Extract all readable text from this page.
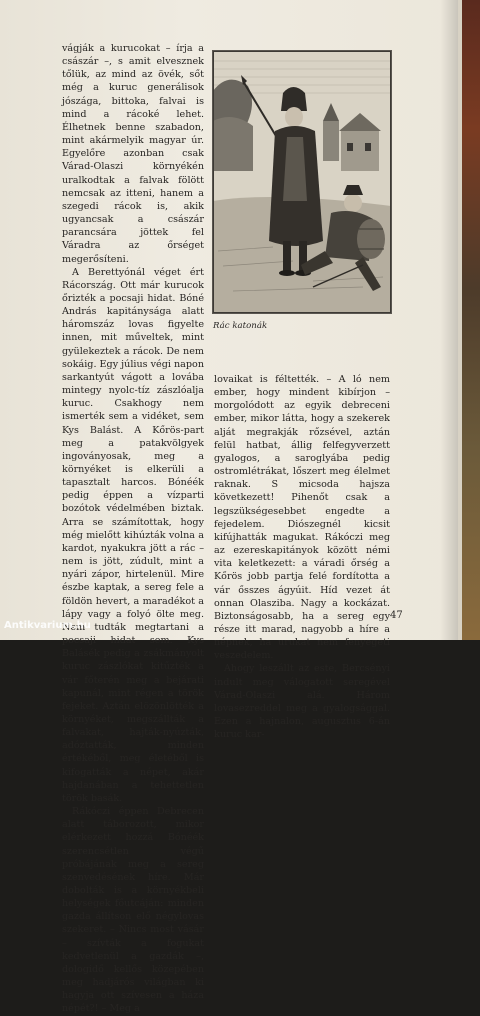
vágják a kurucokat – írja a császár –, s amit elvesznek tőlük, az mind az övék, sőt még a kuruc generálisok jószága, bittoka, falvai is mind a rácoké lehet. Élhetnek benne szabadon, mint akármelyik magyar úr. Egyelőre azonban csak Várad-Olaszi környékén uralkodtak a falvak fölött nemcsak az itteni, hanem a szegedi rácok is, akik ugyancsak a császár parancsára jöttek fel Váradra az őrséget megerősíteni.

A Berettyónál véget ért Rácország. Ott már kurucok őrizték a pocsaji hidat. Bóné András kapitánysága alatt háromszáz lovas figyelte innen, mit műveltek, mint gyülekeztek a rácok. De nem sokáig. Egy július végi napon sarkantyút vágott a lovába mintegy nyolc-tíz zászlóalja kuruc. Csakhogy nem ismerték sem a vidéket, sem Kys Balást. A Kőrös-part meg a patakvölgyek ingoványosak, meg a környéket is elkerüli a tapasztalt harcos. Bónéék pedig éppen a vízparti bozótok védelmében biztak. Arra se számítottak, hogy még mielőtt kihúzták volna a kardot, nyakukra jött a rác – nem is jött, zúdult, mint a nyári zápor, hirtelenül. Mire észbe kaptak, a sereg fele a földön hevert, a maradékot a lápy vagy a folyó ölte meg. Nem tudták megtartani a pocsaji hidat sem. Kys Balásék pedig a zsákmányolt kuruc zászlókat kitűzték a vár főterén meg a bejárati kapunál, mint régen a török fejeket. Aztán elözönlötték a környéket, megszállták a falvakat, hajták-nyúzták, adóztatták, minden értékéből, meg életéből is kifogatták a népet, akár hajdanában a tehettetlen török basák.

Rákóczi éppen Debrecen alatt táborozott, mikor elérkezett hozzá Bónéék szerencsétlen végű próbájának meg a sereg szenvedésének híre. Már dobolták is a környékbeli helységek főutcáján: minden gazda állítson elő négylovas szekeret. – Nincs most vásár – szívták a fogukat kedvetlenül a gazdák –, dologidő kellős közepében meg hadjárós világban ki hagyja ott szívesen a háza népét?! – Meg a

Rác katonák

lovaikat is féltették. – A ló nem ember, hogy mindent kibírjon – morgolódott az egyik debreceni ember, mikor látta, hogy a szekerek alját megrakják rőzsével, aztán felül hatbat, állig felfegyverzett gyalogos, a saroglyába pedig ostromlétrákat, lőszert meg élelmet raknak. S micsoda hajsza következett! Pihenőt csak a legszükségesebbet engedte a fejedelem. Diószegnél kicsit kifújhatták magukat. Rákóczi meg az ezereskapitányok között némi vita keletkezett: a váradi őrség a Kőrös jobb partja felé fordította a vár ősszes ágyúit. Híd vezet át onnan Olasziba. Nagy a kockázat. Biztonságosabb, ha a sereg egy része itt marad, nagyobb a híre a népnek, ha urukat nem fenyegeti veszedelem.

Ahogy leszállt az este, Bercsényi indult meg válogatott seregével Várad-Olaszi alá. Három lovasezreddel meg a gyalogsággal. Ezen a hajnalon, augusztus 6-án kuruc kar-

47
Antikvarium.hu
